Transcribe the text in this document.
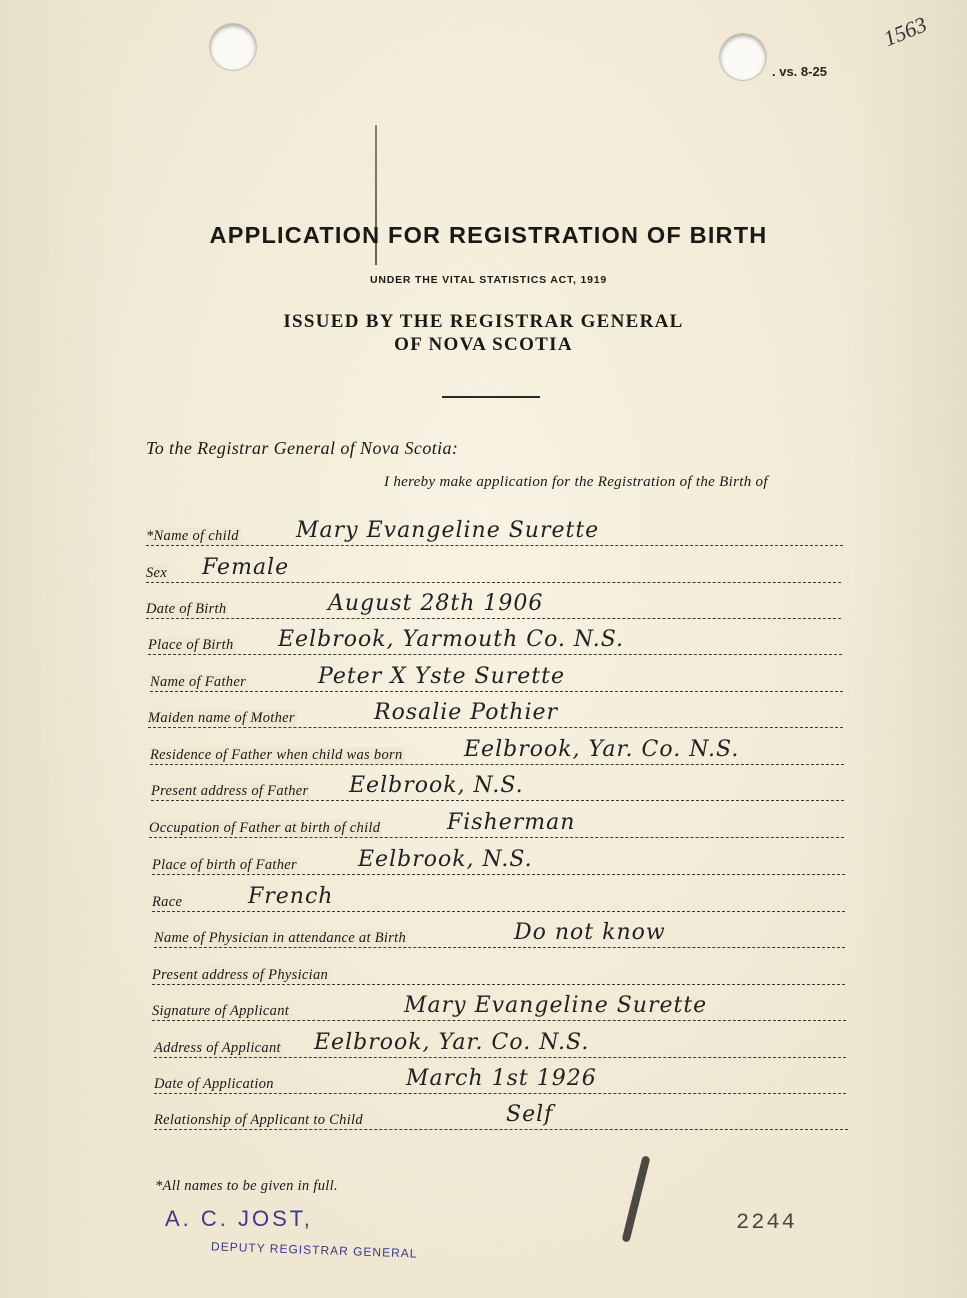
. vs. 8-25
1563
APPLICATION FOR REGISTRATION OF BIRTH
UNDER THE VITAL STATISTICS ACT, 1919
ISSUED BY THE REGISTRAR GENERAL
OF NOVA SCOTIA
To the Registrar General of Nova Scotia:
I hereby make application for the Registration of the Birth of
*Name of child	Mary Evangeline Surette
Sex Female
Date of Birth	August 28th 1906
Place of Birth Eelbrook, Yarmouth Co. N.S.
Name of Father	Peter X Yste Surette
Maiden name of Mother	Rosalie Pothier
Residence of Father when child was born	Eelbrook, Yar. Co. N.S.
Present address of Father Eelbrook, N.S.
Occupation of Father at birth of child	Fisherman
Place of birth of Father	Eelbrook, N.S.
Race	French
Name of Physician in attendance at Birth	Do not know
Present address of Physician
Signature of Applicant	Mary Evangeline Surette
Address of Applicant Eelbrook, Yar. Co. N.S.
Date of Application	March 1st 1926
Relationship of Applicant to Child	Self
*All names to be given in full.
A. C. JOST,
DEPUTY REGISTRAR GENERAL
2244
